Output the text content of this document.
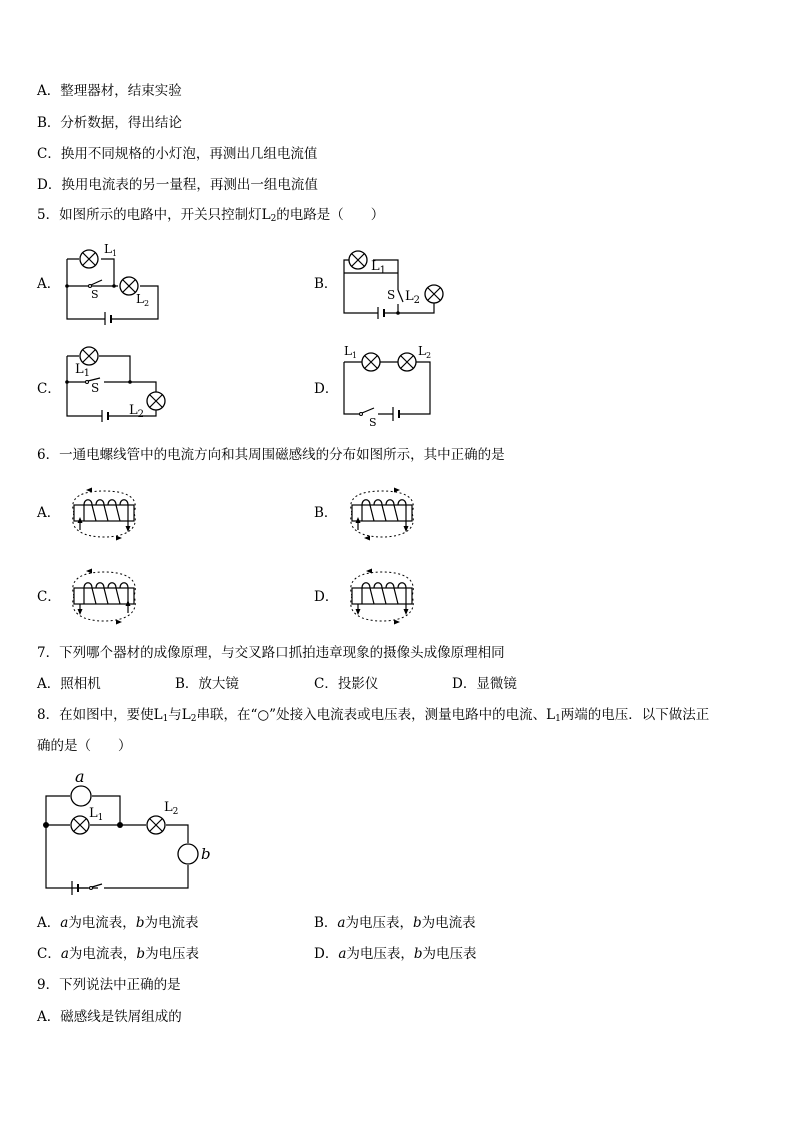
A．整理器材，结束实验
B．分析数据，得出结论
C．换用不同规格的小灯泡，再测出几组电流值
D．换用电流表的另一量程，再测出一组电流值
5．如图所示的电路中，开关只控制灯$L_2$的电路是（　　）
A．	B．
C．	D．
$L_1$
S	$L_2$
$L_1$
S $L_2$
$L_1$
S
$L_2$
$L_1$
S
$L_2$
6．一通电螺线管中的电流方向和其周围磁感线的分布如图所示，其中正确的是
A．	B．
C．	D．
7．下列哪个器材的成像原理，与交叉路口抓拍违章现象的摄像头成像原理相同
A．照相机	B．放大镜	C．投影仪	D．显微镜
8．在如图中，要使$L_1$与$L_2$串联，在“○”处接入电流表或电压表，测量电路中的电流、$L_1$两端的电压．以下做法正
确的是（　　）
a
b
$L_1$
$L_2$
A．a为电流表，b为电流表	B．a为电压表，b为电流表
C．a为电流表，b为电压表	D．a为电压表，b为电压表
9．下列说法中正确的是
A．磁感线是铁屑组成的
